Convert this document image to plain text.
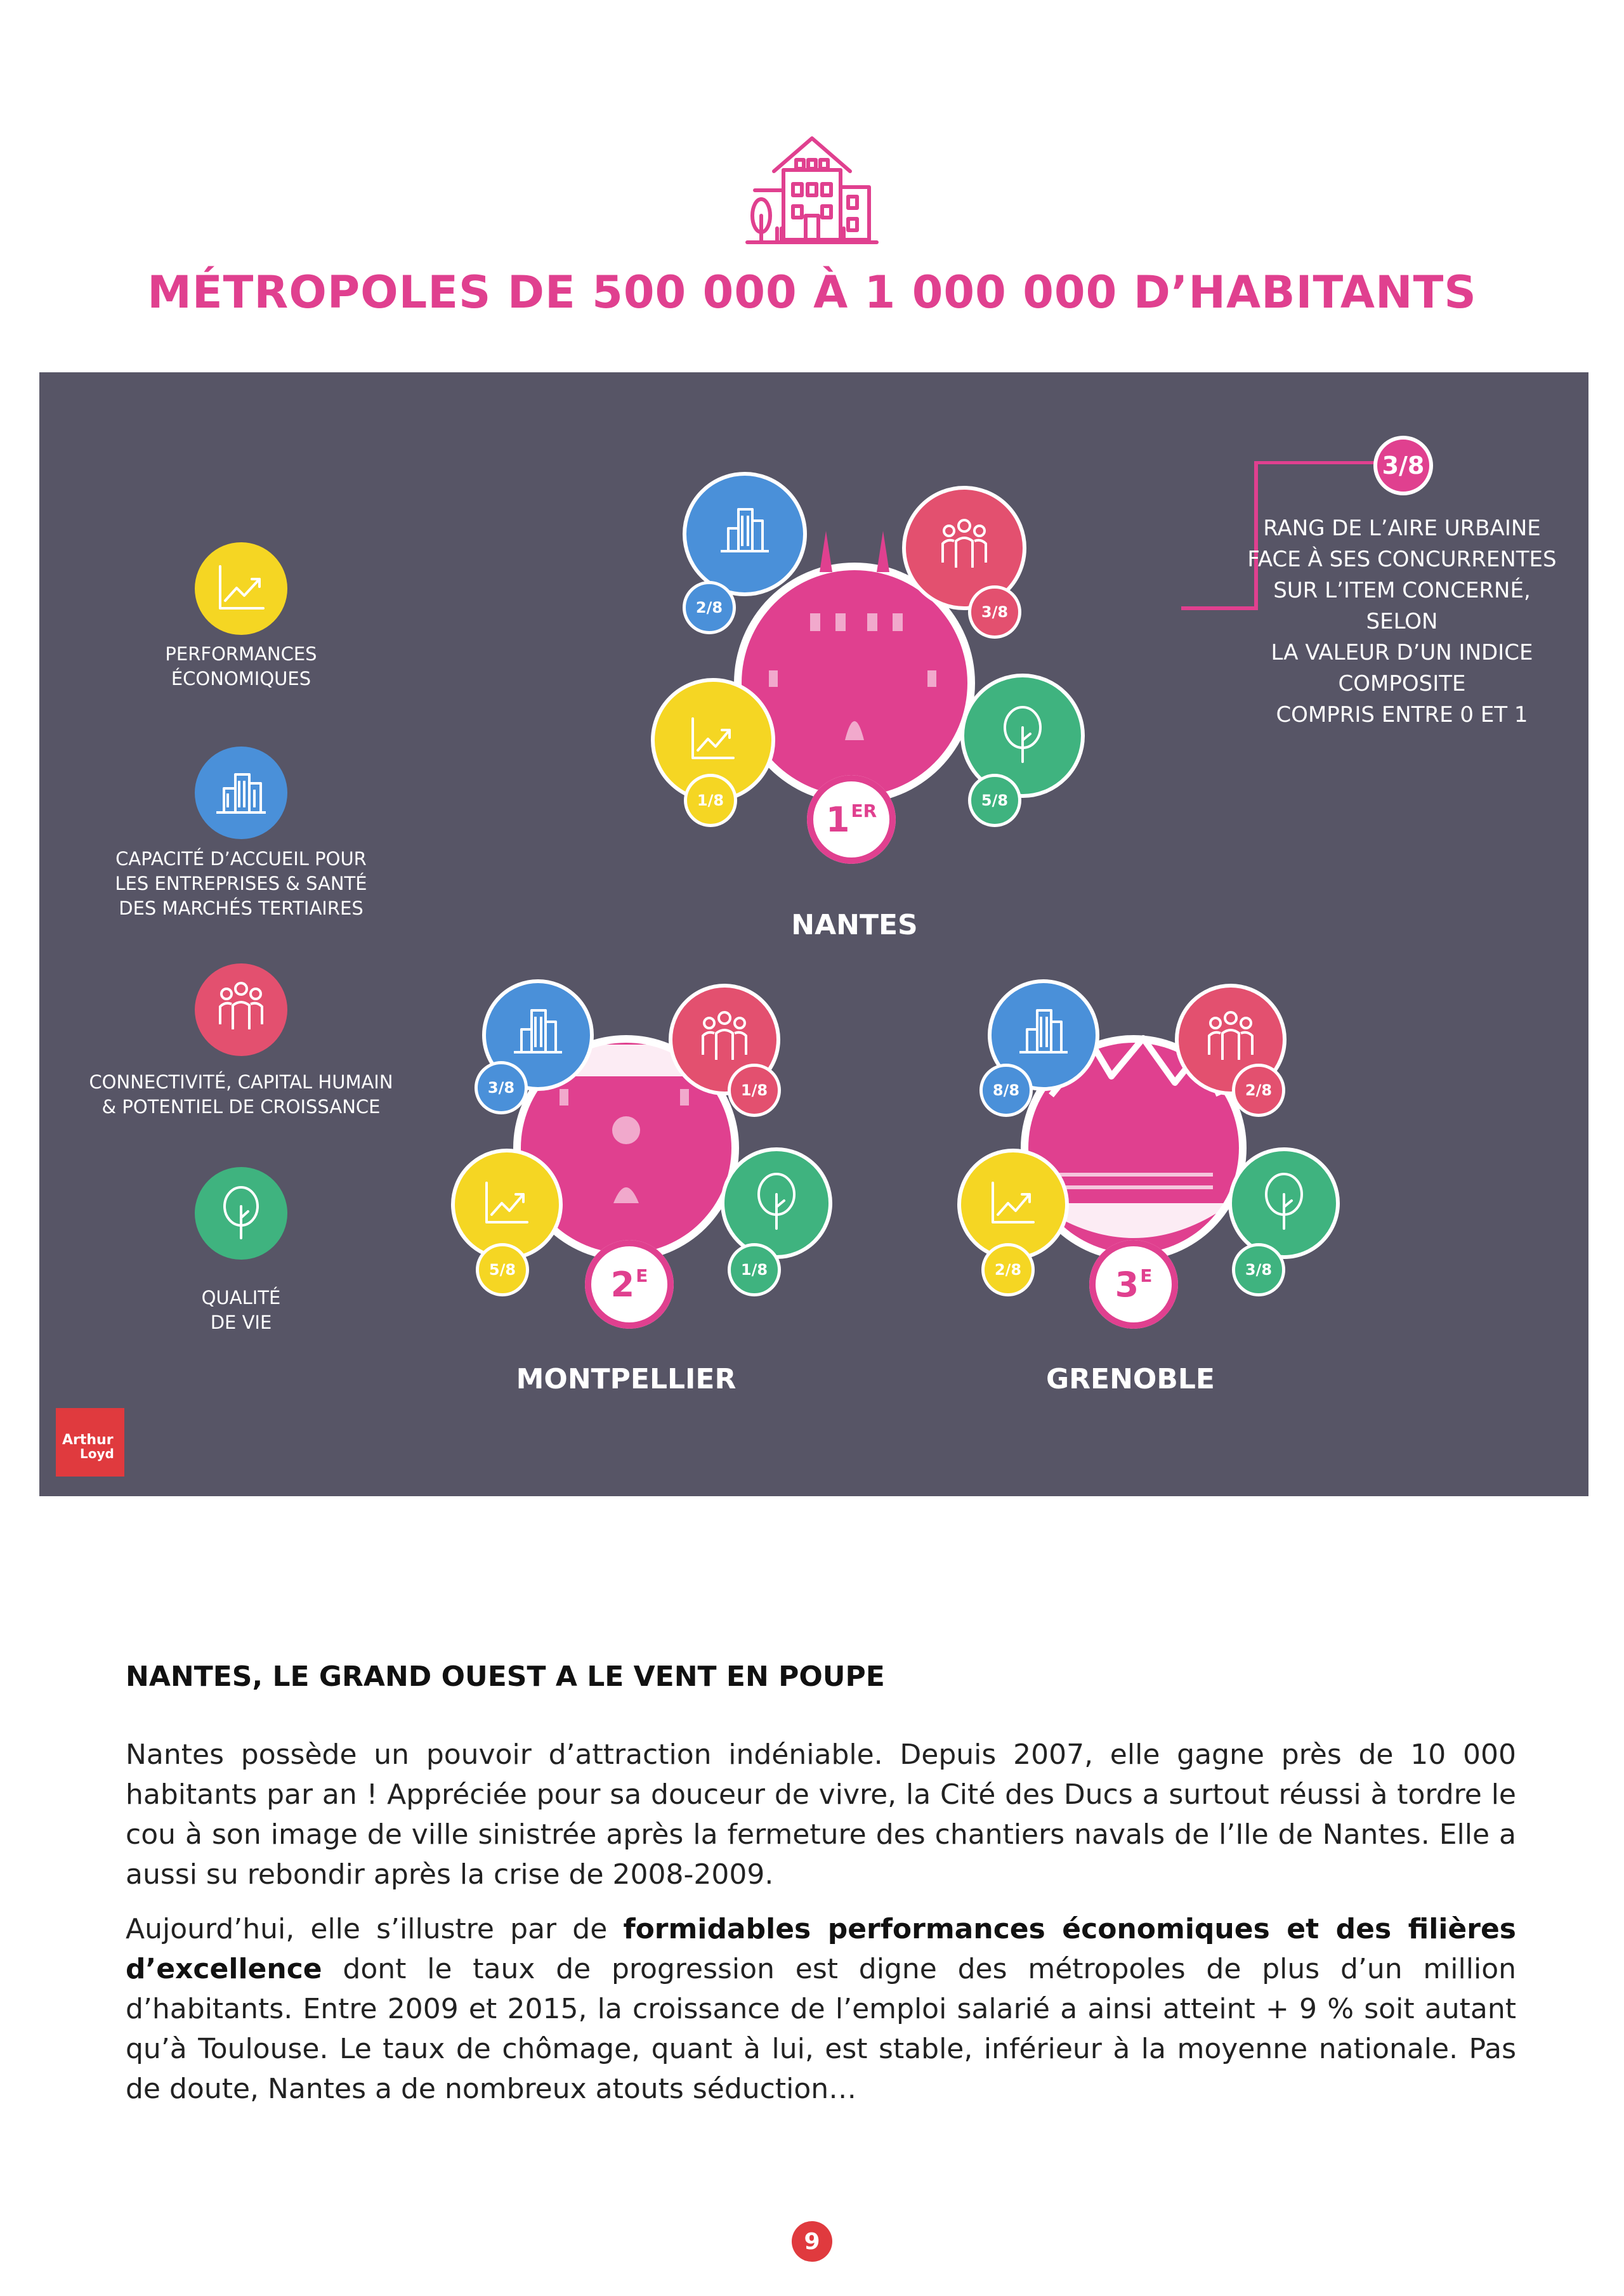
MÉTROPOLES DE 500 000 À 1 000 000 D’HABITANTS
PERFORMANCES
ÉCONOMIQUES
CAPACITÉ D’ACCUEIL POUR
LES ENTREPRISES & SANTÉ
DES MARCHÉS TERTIAIRES
CONNECTIVITÉ, CAPITAL HUMAIN
& POTENTIEL DE CROISSANCE
QUALITÉ
DE VIE
2/8	3/8
1/8	5/8
1ER
NANTES
3/8	1/8
5/8	1/8
$2^E$
MONTPELLIER
8/8	2/8
2/8	3/8
$3^E$
GRENOBLE
3/8
RANG DE L’AIRE URBAINE
FACE À SES CONCURRENTES
SUR L’ITEM CONCERNÉ,
SELON
LA VALEUR D’UN INDICE
COMPOSITE
COMPRIS ENTRE 0 ET 1
Arthur
Loyd
NANTES, LE GRAND OUEST A LE VENT EN POUPE
Nantes possède un pouvoir d’attraction indéniable. Depuis 2007, elle gagne près de 10 000 habitants par an ! Appréciée pour sa douceur de vivre, la Cité des Ducs a surtout réussi à tordre le cou à son image de ville sinistrée après la fermeture des chantiers navals de l’Ile de Nantes. Elle a aussi su rebondir après la crise de 2008-2009.
Aujourd’hui, elle s’illustre par de formidables performances économiques et des filières d’excellence dont le taux de progression est digne des métropoles de plus d’un million d’habitants. Entre 2009 et 2015, la croissance de l’emploi salarié a ainsi atteint + 9 % soit autant qu’à Toulouse. Le taux de chômage, quant à lui, est stable, inférieur à la moyenne nationale. Pas de doute, Nantes a de nombreux atouts séduction…
9
